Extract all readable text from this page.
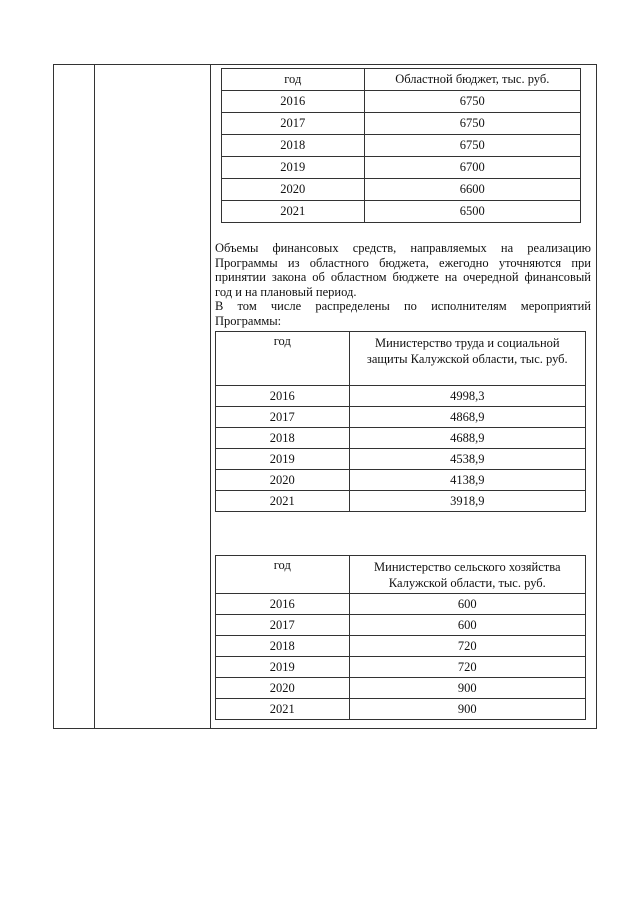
год	Областной бюджет, тыс. руб.
2016	6750
2017	6750
2018	6750
2019	6700
2020	6600
2021	6500

Объемы финансовых средств, направляемых на реализацию Программы из областного бюджета, ежегодно уточняются при принятии закона об областном бюджете на очередной финансовый год и на плановый период.

В том числе распределены по исполнителям мероприятий Программы:

год	Министерство труда и социальной защиты Калужской области, тыс. руб.
2016	4998,3
2017	4868,9
2018	4688,9
2019	4538,9
2020	4138,9
2021	3918,9
год	Министерство сельского хозяйства Калужской области, тыс. руб.
2016	600
2017	600
2018	720
2019	720
2020	900
2021	900
